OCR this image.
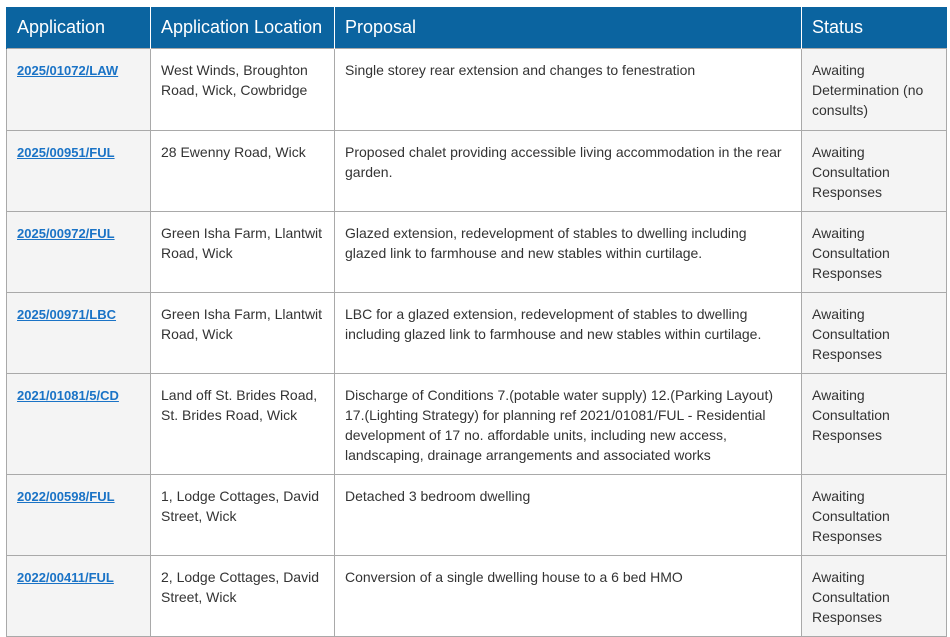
Application	Application Location	Proposal	Status
2025/01072/LAW	West Winds, Broughton Road, Wick, Cowbridge	Single storey rear extension and changes to fenestration	Awaiting Determination (no consults)
2025/00951/FUL	28 Ewenny Road, Wick	Proposed chalet providing accessible living accommodation in the rear garden.	Awaiting Consultation Responses
2025/00972/FUL	Green Isha Farm, Llantwit Road, Wick	Glazed extension, redevelopment of stables to dwelling including glazed link to farmhouse and new stables within curtilage.	Awaiting Consultation Responses
2025/00971/LBC	Green Isha Farm, Llantwit Road, Wick	LBC for a glazed extension, redevelopment of stables to dwelling including glazed link to farmhouse and new stables within curtilage.	Awaiting Consultation Responses
2021/01081/5/CD	Land off St. Brides Road, St. Brides Road, Wick	Discharge of Conditions 7.(potable water supply) 12.(Parking Layout) 17.(Lighting Strategy) for planning ref 2021/01081/FUL - Residential development of 17 no. affordable units, including new access, landscaping, drainage arrangements and associated works	Awaiting Consultation Responses
2022/00598/FUL	1, Lodge Cottages, David Street, Wick	Detached 3 bedroom dwelling	Awaiting Consultation Responses
2022/00411/FUL	2, Lodge Cottages, David Street, Wick	Conversion of a single dwelling house to a 6 bed HMO	Awaiting Consultation Responses
